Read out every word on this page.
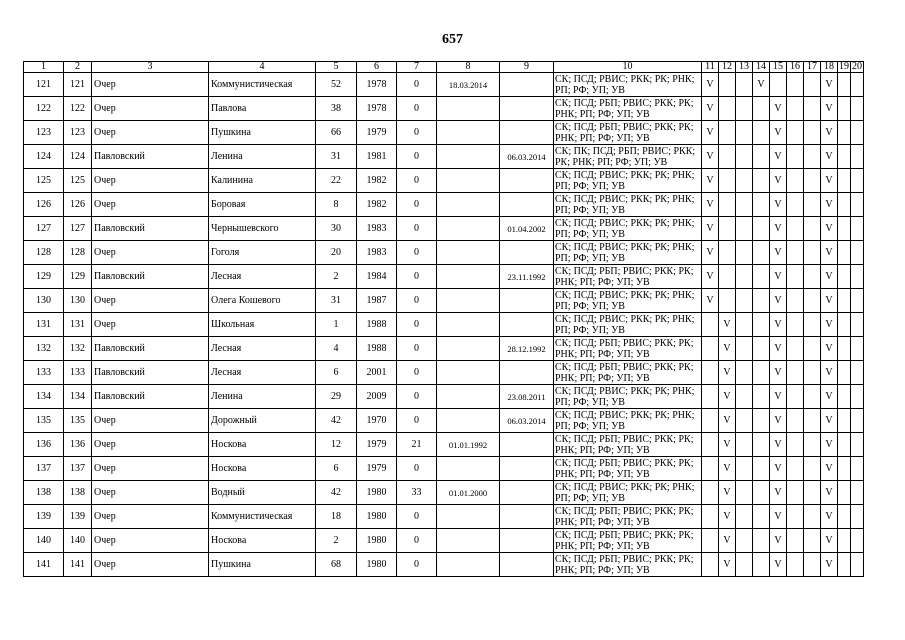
657
1	2	3	4	5	6	7	8	9	10	11	12	13	14	15	16	17	18	19	20
121	121	Очер	Коммунистическая	52	1978	0	18.03.2014		СК; ПСД; РВИС; РКК; РК; РНК; РП; РФ; УП; УВ	V			V				V		
122	122	Очер	Павлова	38	1978	0			СК; ПСД; РБП; РВИС; РКК; РК; РНК; РП; РФ; УП; УВ	V				V			V		
123	123	Очер	Пушкина	66	1979	0			СК; ПСД; РБП; РВИС; РКК; РК; РНК; РП; РФ; УП; УВ	V				V			V		
124	124	Павловский	Ленина	31	1981	0		06.03.2014	СК; ПК; ПСД; РБП; РВИС; РКК; РК; РНК; РП; РФ; УП; УВ	V				V			V		
125	125	Очер	Калинина	22	1982	0			СК; ПСД; РВИС; РКК; РК; РНК; РП; РФ; УП; УВ	V				V			V		
126	126	Очер	Боровая	8	1982	0			СК; ПСД; РВИС; РКК; РК; РНК; РП; РФ; УП; УВ	V				V			V		
127	127	Павловский	Чернышевского	30	1983	0		01.04.2002	СК; ПСД; РВИС; РКК; РК; РНК; РП; РФ; УП; УВ	V				V			V		
128	128	Очер	Гоголя	20	1983	0			СК; ПСД; РВИС; РКК; РК; РНК; РП; РФ; УП; УВ	V				V			V		
129	129	Павловский	Лесная	2	1984	0		23.11.1992	СК; ПСД; РБП; РВИС; РКК; РК; РНК; РП; РФ; УП; УВ	V				V			V		
130	130	Очер	Олега Кошевого	31	1987	0			СК; ПСД; РВИС; РКК; РК; РНК; РП; РФ; УП; УВ	V				V			V		
131	131	Очер	Школьная	1	1988	0			СК; ПСД; РВИС; РКК; РК; РНК; РП; РФ; УП; УВ		V			V			V		
132	132	Павловский	Лесная	4	1988	0		28.12.1992	СК; ПСД; РБП; РВИС; РКК; РК; РНК; РП; РФ; УП; УВ		V			V			V		
133	133	Павловский	Лесная	6	2001	0			СК; ПСД; РБП; РВИС; РКК; РК; РНК; РП; РФ; УП; УВ		V			V			V		
134	134	Павловский	Ленина	29	2009	0		23.08.2011	СК; ПСД; РВИС; РКК; РК; РНК; РП; РФ; УП; УВ		V			V			V		
135	135	Очер	Дорожный	42	1970	0		06.03.2014	СК; ПСД; РВИС; РКК; РК; РНК; РП; РФ; УП; УВ		V			V			V		
136	136	Очер	Носкова	12	1979	21	01.01.1992		СК; ПСД; РБП; РВИС; РКК; РК; РНК; РП; РФ; УП; УВ		V			V			V		
137	137	Очер	Носкова	6	1979	0			СК; ПСД; РБП; РВИС; РКК; РК; РНК; РП; РФ; УП; УВ		V			V			V		
138	138	Очер	Водный	42	1980	33	01.01.2000		СК; ПСД; РВИС; РКК; РК; РНК; РП; РФ; УП; УВ		V			V			V		
139	139	Очер	Коммунистическая	18	1980	0			СК; ПСД; РБП; РВИС; РКК; РК; РНК; РП; РФ; УП; УВ		V			V			V		
140	140	Очер	Носкова	2	1980	0			СК; ПСД; РБП; РВИС; РКК; РК; РНК; РП; РФ; УП; УВ		V			V			V		
141	141	Очер	Пушкина	68	1980	0			СК; ПСД; РБП; РВИС; РКК; РК; РНК; РП; РФ; УП; УВ		V			V			V		
